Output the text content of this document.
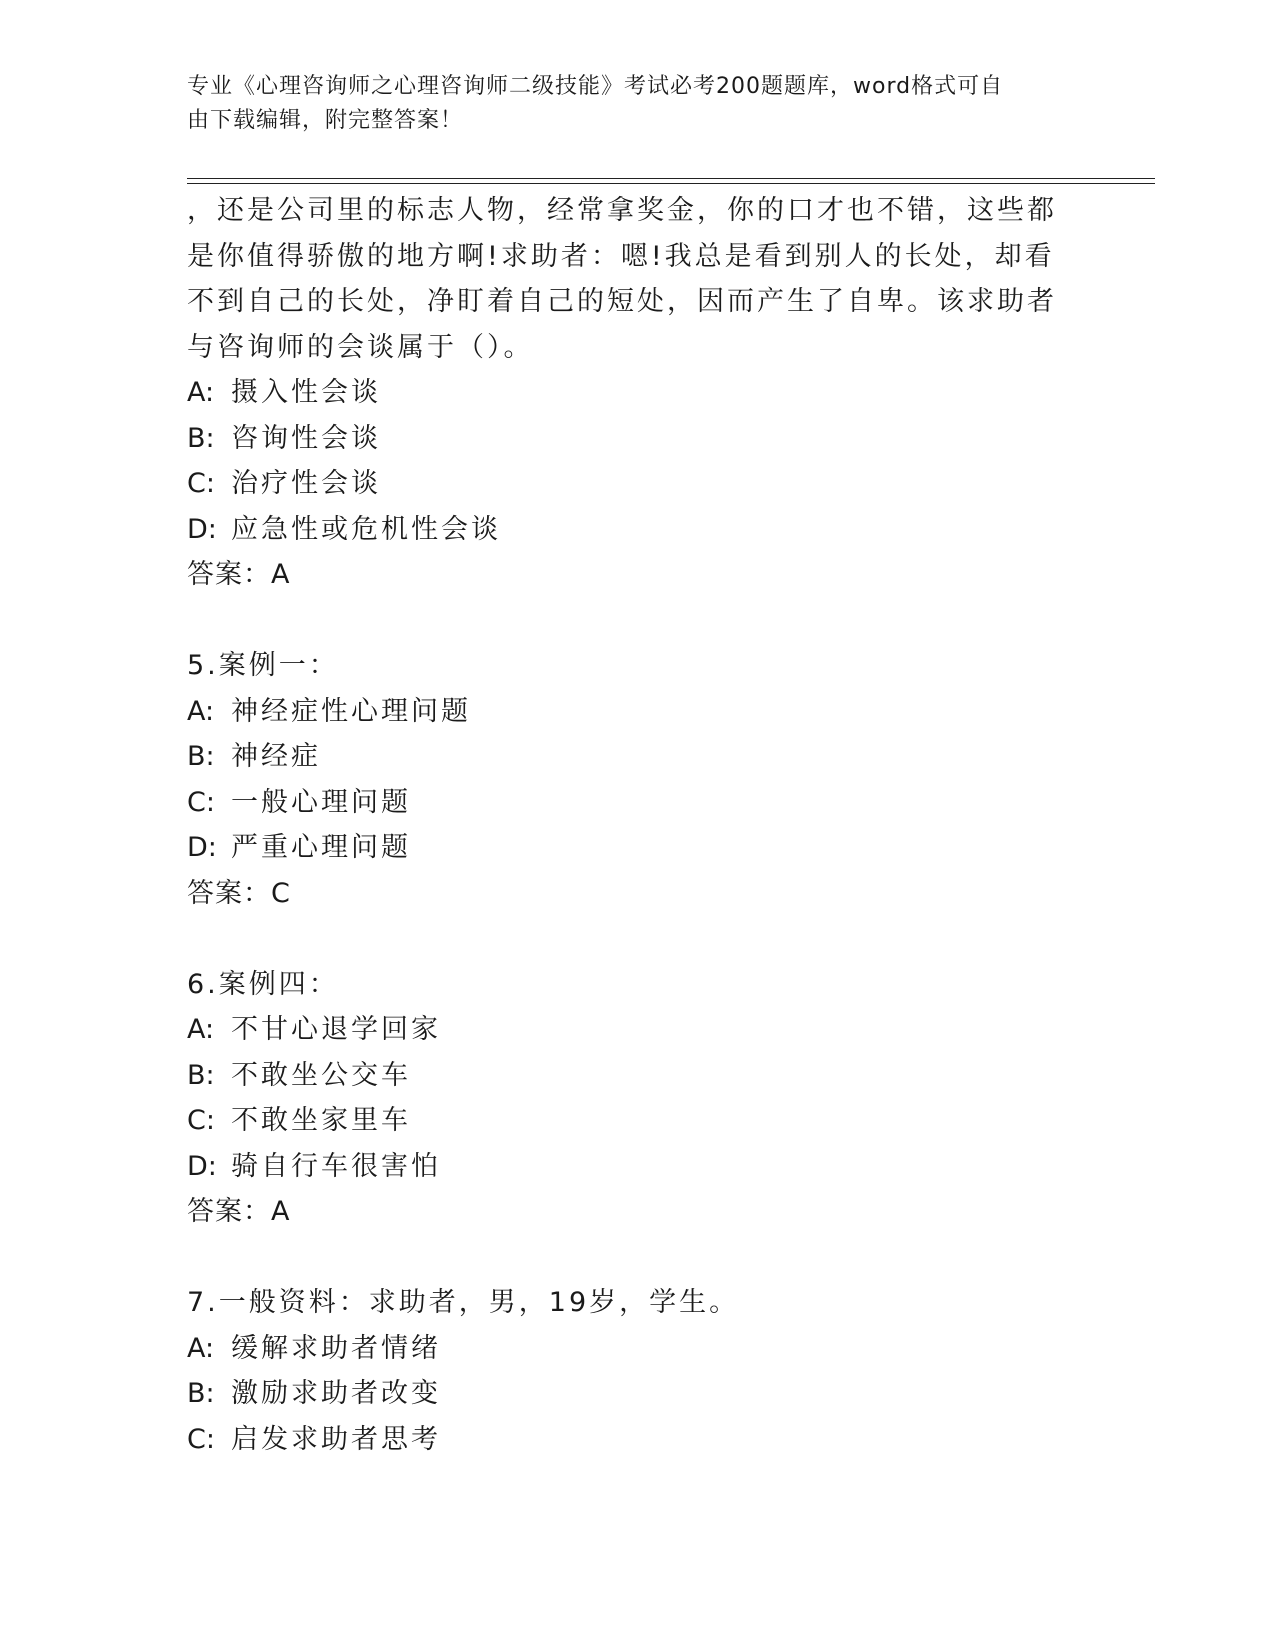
专业《心理咨询师之心理咨询师二级技能》考试必考200题题库，word格式可自
由下载编辑，附完整答案！

，还是公司里的标志人物，经常拿奖金，你的口才也不错，这些都是你值得骄傲的地方啊!求助者：嗯!我总是看到别人的长处，却看不到自己的长处，净盯着自己的短处，因而产生了自卑。该求助者与咨询师的会谈属于（）。

A: 摄入性会谈

B: 咨询性会谈

C: 治疗性会谈

D: 应急性或危机性会谈

答案：A

5.案例一：

A: 神经症性心理问题

B: 神经症

C: 一般心理问题

D: 严重心理问题

答案：C

6.案例四：

A: 不甘心退学回家

B: 不敢坐公交车

C: 不敢坐家里车

D: 骑自行车很害怕

答案：A

7.一般资料：求助者，男，19岁，学生。

A: 缓解求助者情绪

B: 激励求助者改变

C: 启发求助者思考
